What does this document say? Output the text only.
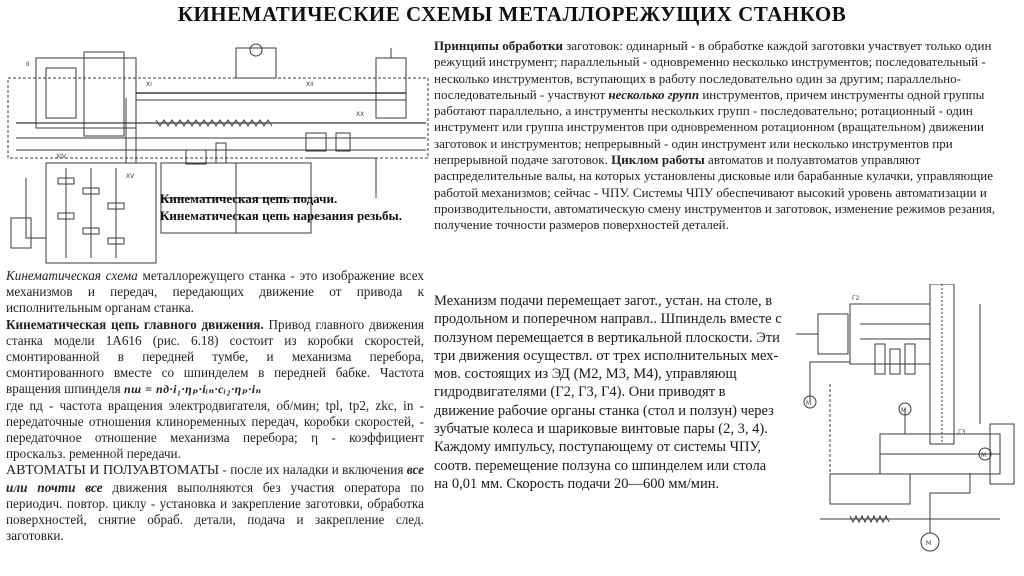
КИНЕМАТИЧЕСКИЕ СХЕМЫ МЕТАЛЛОРЕЖУЩИХ СТАНКОВ
II
XI	XII
XX
XIV
XV
Кинематическая цепь подачи.
Кинематическая цепь нарезания резьбы.

Кинематическая схема металлорежущего станка - это изображение всех механизмов и передач, передающих движение от привода к исполнительным органам станка.

Кинематическая цепь главного движения. Привод главного движения станка модели 1А616 (рис. 6.18) состоит из коробки скоростей, смонтированной в передней тумбе, и механизма перебора, смонтированного вместе со шпинделем в передней бабке. Частота вращения шпинделя nш = nд·i₁·ηₚ·iᵢₙ·cᵢ₂·ηₚ·iₙ

где nд - частота вращения электродвигателя, об/мин; tpl, tp2, zkc, in - передаточные отношения клиноременных передач, коробки скоростей, - передаточное отношение механизма перебора; η - коэффициент проскальз. ременной передачи.

АВТОМАТЫ И ПОЛУАВТОМАТЫ - после их наладки и включения все или почти все движения выполняются без участия оператора по периодич. повтор. циклу - установка и закрепление заготовки, обработка поверхностей, снятие обраб. детали, подача и закрепление след. заготовки.

Принципы обработки заготовок: одинарный - в обработке каждой заготовки участвует только один режущий инструмент; параллельный - одновременно несколько инструментов; последовательный - несколько инструментов, вступающих в работу последовательно один за другим; параллельно-последовательный - участвуют несколько групп инструментов, причем инструменты одной группы работают параллельно, а инструменты нескольких групп - последовательно; ротационный - один инструмент или группа инструментов при одновременном ротационном (вращательном) движении заготовок и инструментов; непрерывный - один инструмент или несколько инструментов при непрерывной подаче заготовок. Циклом работы автоматов и полуавтоматов управляют распределительные валы, на которых установлены дисковые или барабанные кулачки, управляющие работой механизмов; сейчас - ЧПУ. Системы ЧПУ обеспечивают высокий уровень автоматизации и производительности, автоматическую смену инструментов и заготовок, изменение режимов резания, получение точности размеров поверхностей деталей.
Механизм подачи перемещает загот., устан. на столе, в продольном и поперечном направл.. Шпиндель вместе с ползуном перемещается в вертикальной плоскости. Эти три движения осуществл. от трех исполнительных мех-мов. состоящих из ЭД (М2, М3, М4), управляющ гидродвигателями (Г2, Г3, Г4). Они приводят в движение рабочие органы станка (стол и ползун) через зубчатые колеса и шариковые винтовые пары (2, 3, 4). Каждому импульсу, поступающему от системы ЧПУ, соотв. перемещение ползуна со шпинделем или стола на 0,01 мм. Скорость подачи 20—600 мм/мин.
M
M
M
M
Г2
Г3
